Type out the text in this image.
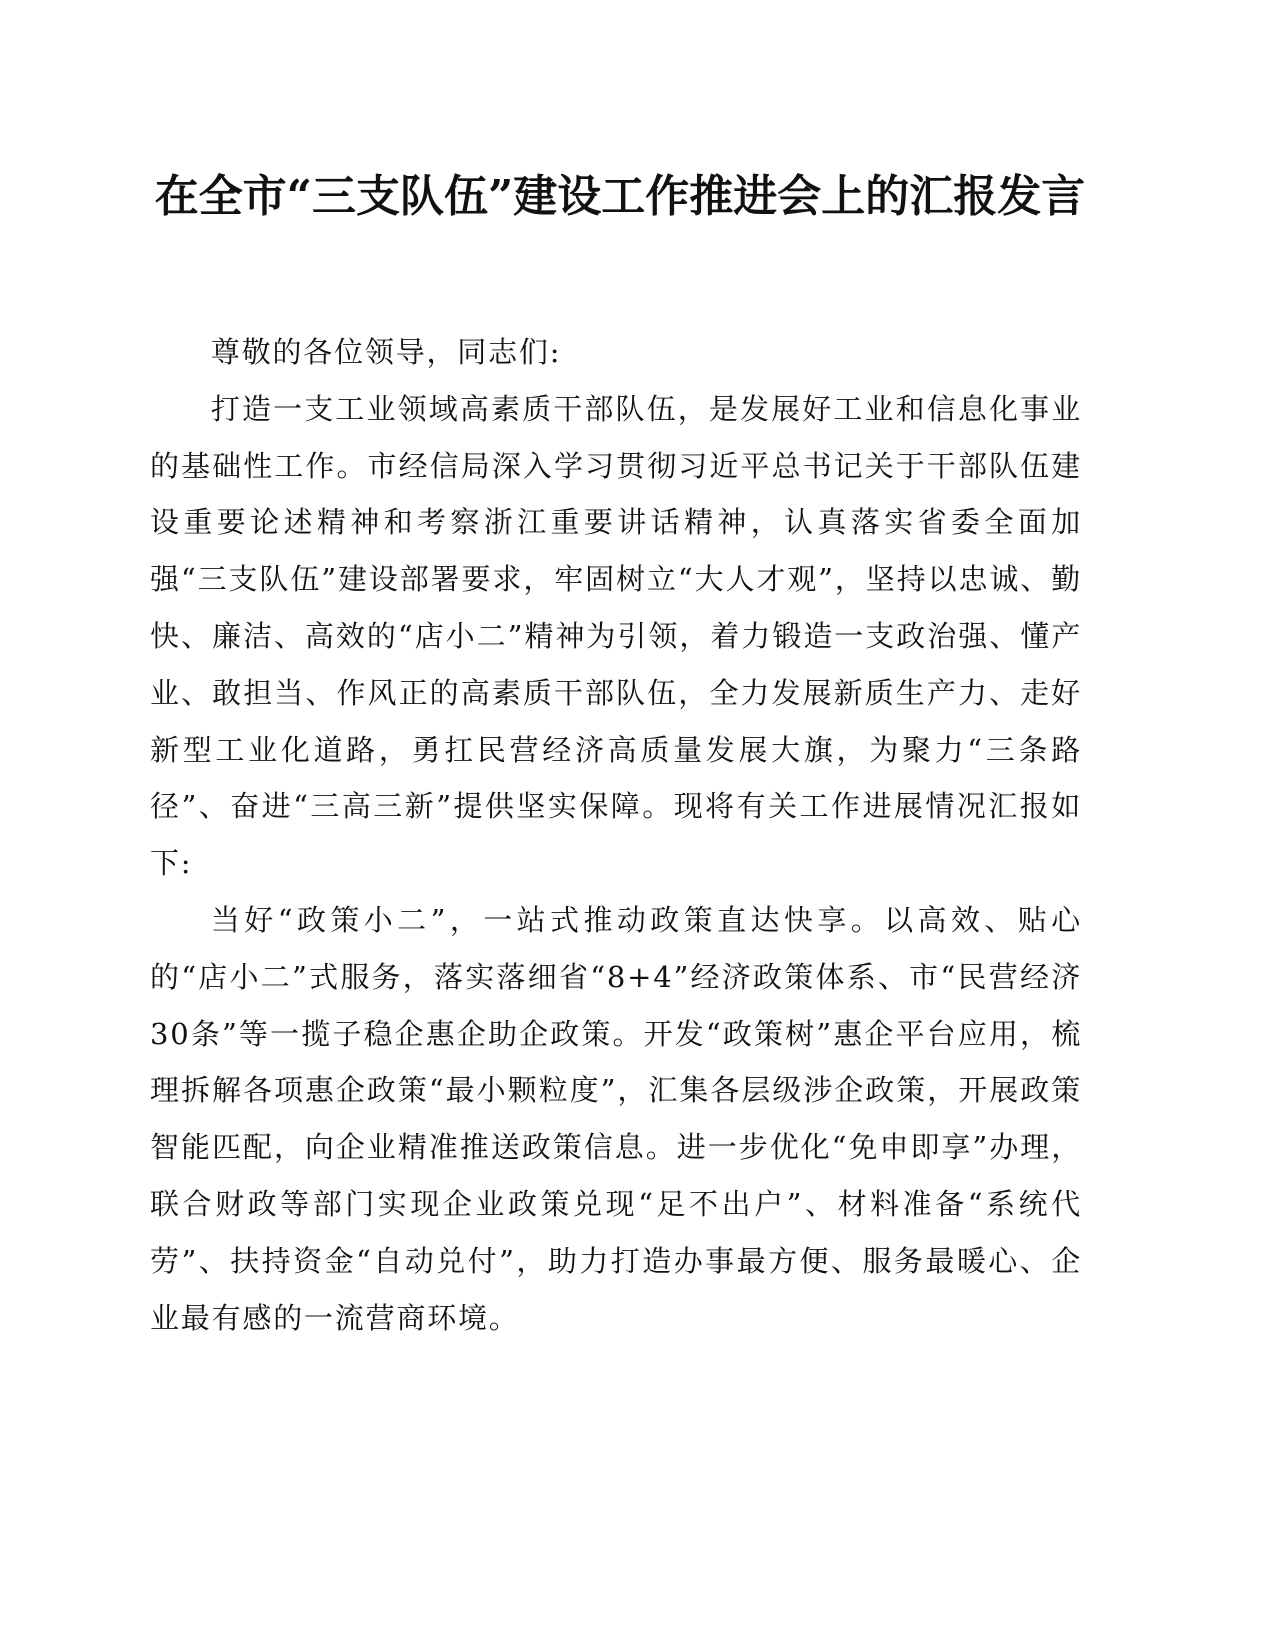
在全市“三支队伍”建设工作推进会上的汇报发言

尊敬的各位领导，同志们:

打造一支工业领域高素质干部队伍，是发展好工业和信息化事业的基础性工作。市经信局深入学习贯彻习近平总书记关于干部队伍建设重要论述精神和考察浙江重要讲话精神，认真落实省委全面加强“三支队伍”建设部署要求，牢固树立“大人才观”，坚持以忠诚、勤快、廉洁、高效的“店小二”精神为引领，着力锻造一支政治强、懂产业、敢担当、作风正的高素质干部队伍，全力发展新质生产力、走好新型工业化道路，勇扛民营经济高质量发展大旗，为聚力“三条路径”、奋进“三高三新”提供坚实保障。现将有关工作进展情况汇报如下:

当好“政策小二”，一站式推动政策直达快享。以高效、贴心的“店小二”式服务，落实落细省“8+4”经济政策体系、市“民营经济30条”等一揽子稳企惠企助企政策。开发“政策树”惠企平台应用，梳理拆解各项惠企政策“最小颗粒度”，汇集各层级涉企政策，开展政策智能匹配，向企业精准推送政策信息。进一步优化“免申即享”办理，联合财政等部门实现企业政策兑现“足不出户”、材料准备“系统代劳”、扶持资金“自动兑付”，助力打造办事最方便、服务最暖心、企业最有感的一流营商环境。
